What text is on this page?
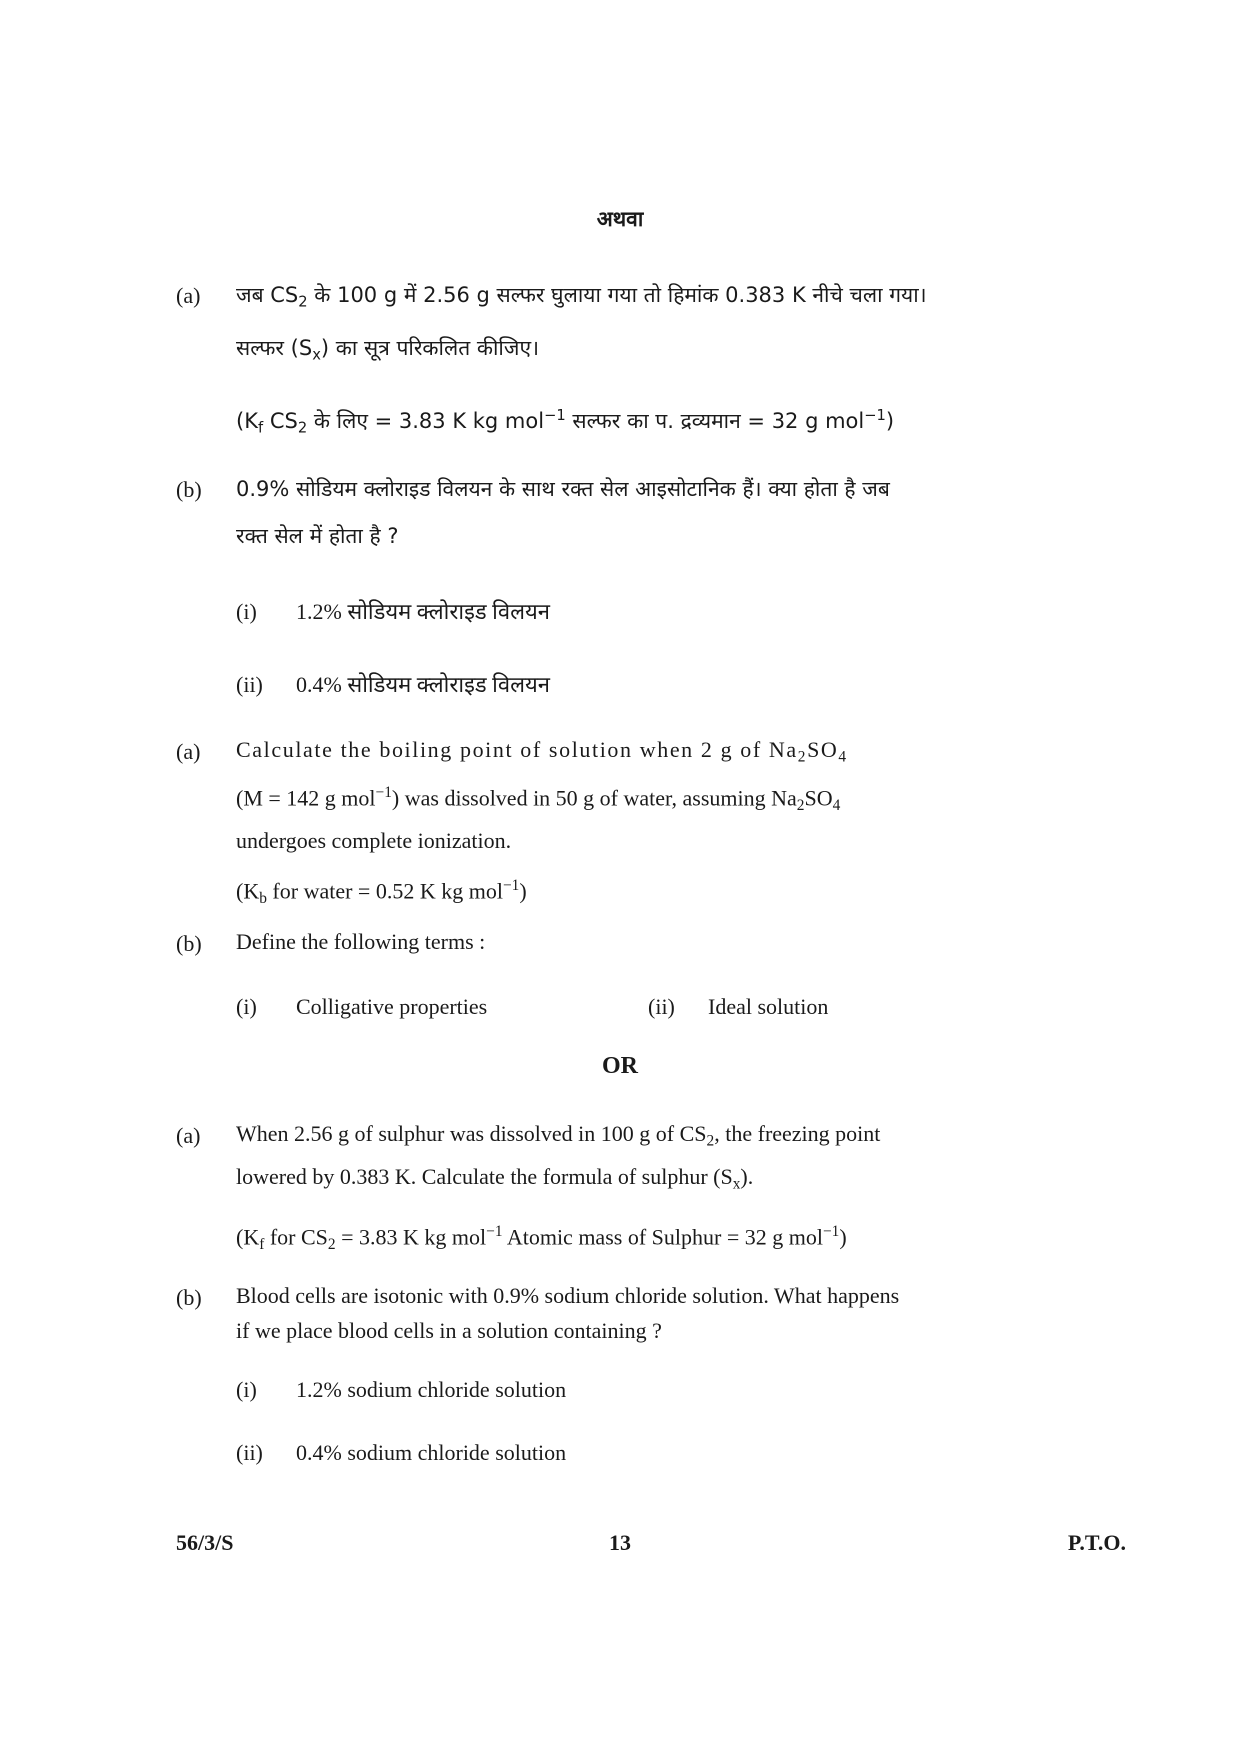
अथवा
(a) जब $CS_2$ के 100 g में 2.56 g सल्फर घुलाया गया तो हिमांक 0.383 K नीचे चला गया।
सल्फर $(S_x)$ का सूत्र परिकलित कीजिए।
($K_f$ $CS_2$ के लिए = 3.83 K kg mol$^{-1}$ सल्फर का प. द्रव्यमान = 32 g mol$^{-1}$)
(b) 0.9% सोडियम क्लोराइड विलयन के साथ रक्त सेल आइसोटानिक हैं। क्या होता है जब
रक्त सेल में होता है ?
(i) 1.2% सोडियम क्लोराइड विलयन
(ii) 0.4% सोडियम क्लोराइड विलयन
(a) Calculate the boiling point of solution when 2 g of $Na_2SO_4$
(M = 142 g mol$^{-1}$) was dissolved in 50 g of water, assuming $Na_2SO_4$
undergoes complete ionization.
($K_b$ for water = 0.52 K kg mol$^{-1}$)
(b) Define the following terms :
(i) Colligative properties	(ii) Ideal solution
OR
(a) When 2.56 g of sulphur was dissolved in 100 g of $CS_2$, the freezing point
lowered by 0.383 K. Calculate the formula of sulphur $(S_x)$.
($K_f$ for $CS_2 = 3.83$ K kg mol$^{-1}$ Atomic mass of Sulphur = 32 g mol$^{-1}$)
(b) Blood cells are isotonic with 0.9% sodium chloride solution. What happens
if we place blood cells in a solution containing ?
(i) 1.2% sodium chloride solution
(ii) 0.4% sodium chloride solution
56/3/S	13	P.T.O.
